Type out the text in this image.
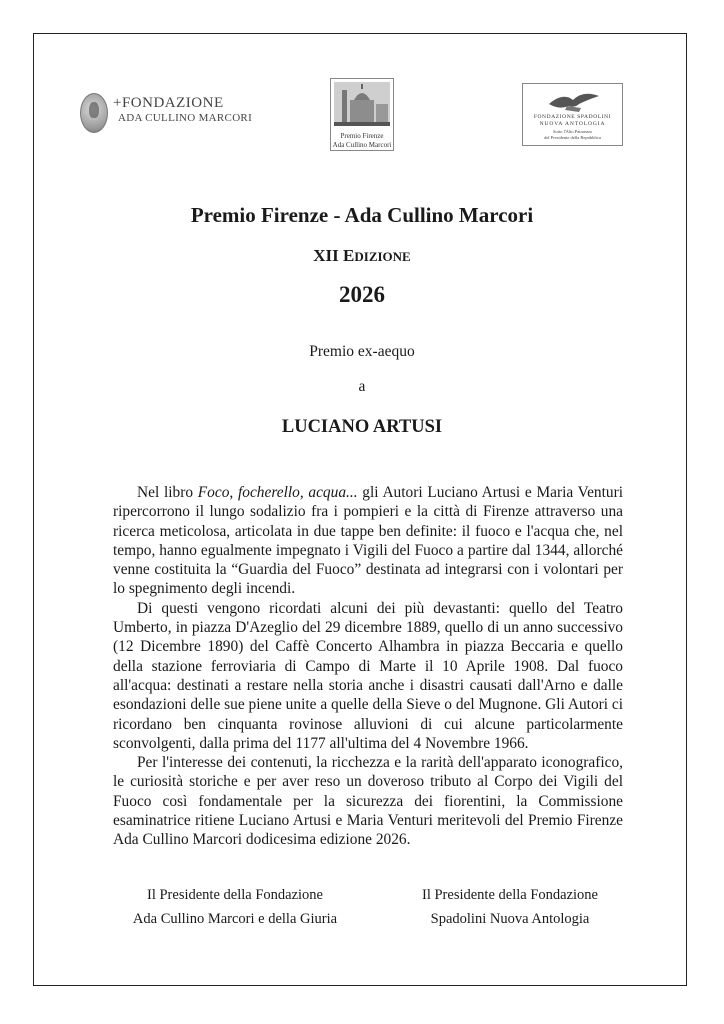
+FONDAZIONE
ADA CULLINO MARCORI
Premio Firenze
Ada Cullino Marcori
FONDAZIONE SPADOLINI
NUOVA ANTOLOGIA
Sotto l'Alto Patronato
del Presidente della Repubblica
Premio Firenze - Ada Cullino Marcori
XII EDIZIONE
2026
Premio ex-aequo
a
LUCIANO ARTUSI

Nel libro Foco, focherello, acqua... gli Autori Luciano Artusi e Maria Venturi ripercorrono il lungo sodalizio fra i pompieri e la città di Firenze attraverso una ricerca meticolosa, articolata in due tappe ben definite: il fuoco e l'acqua che, nel tempo, hanno egualmente impegnato i Vigili del Fuoco a partire dal 1344, allorché venne costituita la “Guardia del Fuoco” destinata ad integrarsi con i volontari per lo spegnimento degli incendi.

Di questi vengono ricordati alcuni dei più devastanti: quello del Teatro Umberto, in piazza D'Azeglio del 29 dicembre 1889, quello di un anno successivo (12 Dicembre 1890) del Caffè Concerto Alhambra in piazza Beccaria e quello della stazione ferroviaria di Campo di Marte il 10 Aprile 1908. Dal fuoco all'acqua: destinati a restare nella storia anche i disastri causati dall'Arno e dalle esondazioni delle sue piene unite a quelle della Sieve o del Mugnone. Gli Autori ci ricordano ben cinquanta rovinose alluvioni di cui alcune particolarmente sconvolgenti, dalla prima del 1177 all'ultima del 4 Novembre 1966.

Per l'interesse dei contenuti, la ricchezza e la rarità dell'apparato iconografico, le curiosità storiche e per aver reso un doveroso tributo al Corpo dei Vigili del Fuoco così fondamentale per la sicurezza dei fiorentini, la Commissione esaminatrice ritiene Luciano Artusi e Maria Venturi meritevoli del Premio Firenze Ada Cullino Marcori dodicesima edizione 2026.

Il Presidente della Fondazione
Ada Cullino Marcori e della Giuria
Il Presidente della Fondazione
Spadolini Nuova Antologia
